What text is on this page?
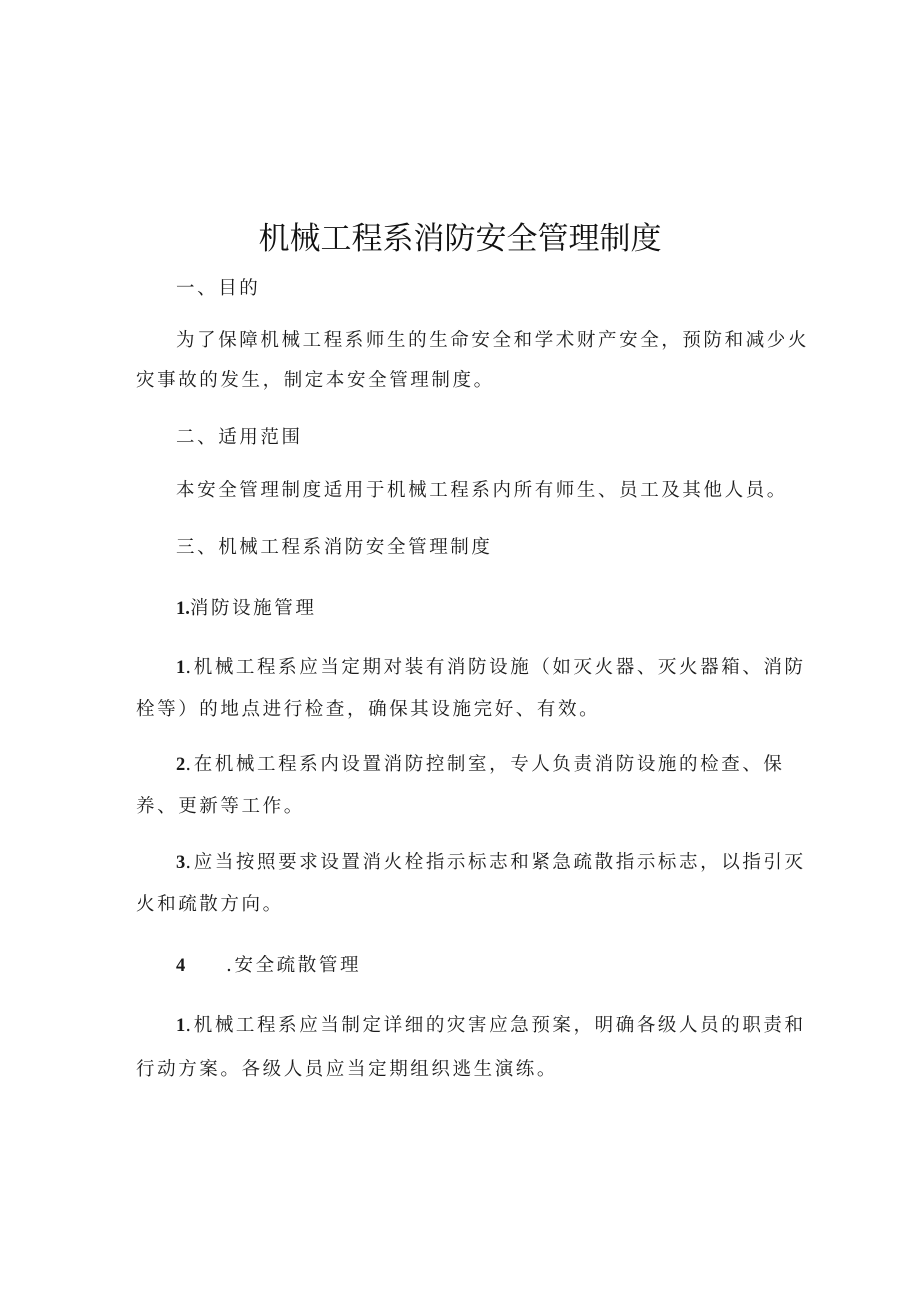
机械工程系消防安全管理制度
一、目的
为了保障机械工程系师生的生命安全和学术财产安全，预防和减少火
灾事故的发生，制定本安全管理制度。
二、适用范围
本安全管理制度适用于机械工程系内所有师生、员工及其他人员。
三、机械工程系消防安全管理制度
1.消防设施管理
1.机械工程系应当定期对装有消防设施（如灭火器、灭火器箱、消防
栓等）的地点进行检查，确保其设施完好、有效。
2.在机械工程系内设置消防控制室，专人负责消防设施的检查、保
养、更新等工作。
3.应当按照要求设置消火栓指示标志和紧急疏散指示标志，以指引灭
火和疏散方向。
4 .安全疏散管理
1.机械工程系应当制定详细的灾害应急预案，明确各级人员的职责和
行动方案。各级人员应当定期组织逃生演练。
